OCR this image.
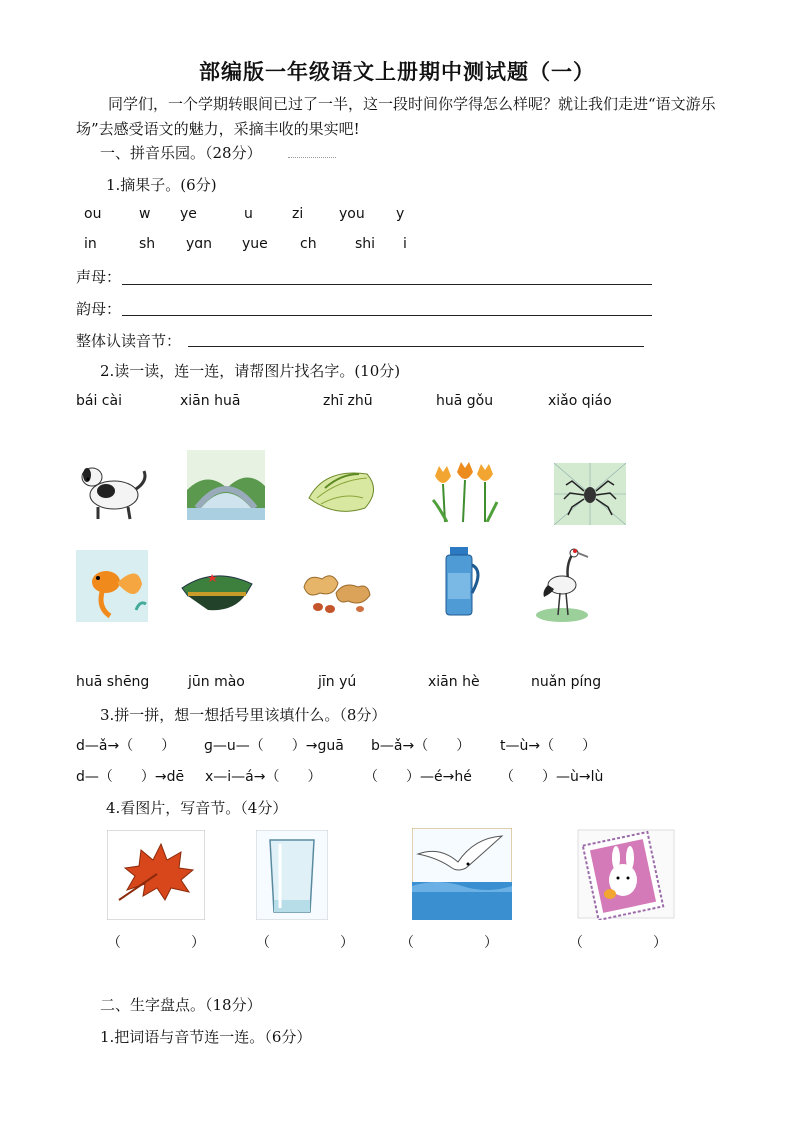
部编版一年级语文上册期中测试题（一）
同学们，一个学期转眼间已过了一半，这一段时间你学得怎么样呢？就让我们走进“语文游乐场”去感受语文的魅力，采摘丰收的果实吧!
一、拼音乐园。（28分）
1.摘果子。(6分)
ou	w ye	u	zi	you y
in	sh yɑn yue ch	shi i
声母：
韵母：
整体认读音节：
2.读一读，连一连，请帮图片找名字。(10分)
bái cài	xiān huā	zhī zhū	huā gǒu	xiǎo qiáo
huā shēng	jūn mào	jīn yú	xiān hè	nuǎn píng
3.拼一拼，想一想括号里该填什么。（8分）
d—ǎ→（　　） ɡ—u—（　　）→ɡuā b—ǎ→（　　） t—ù→（　　）
d—（　　）→dē x—i—á→（　　）	（　　）—é→hé （　　）—ù→lù
4.看图片，写音节。（4分）
（　　　　　）	（　　　　　）	（　　　　　）	（　　　　　）
二、生字盘点。（18分）
1.把词语与音节连一连。（6分）
